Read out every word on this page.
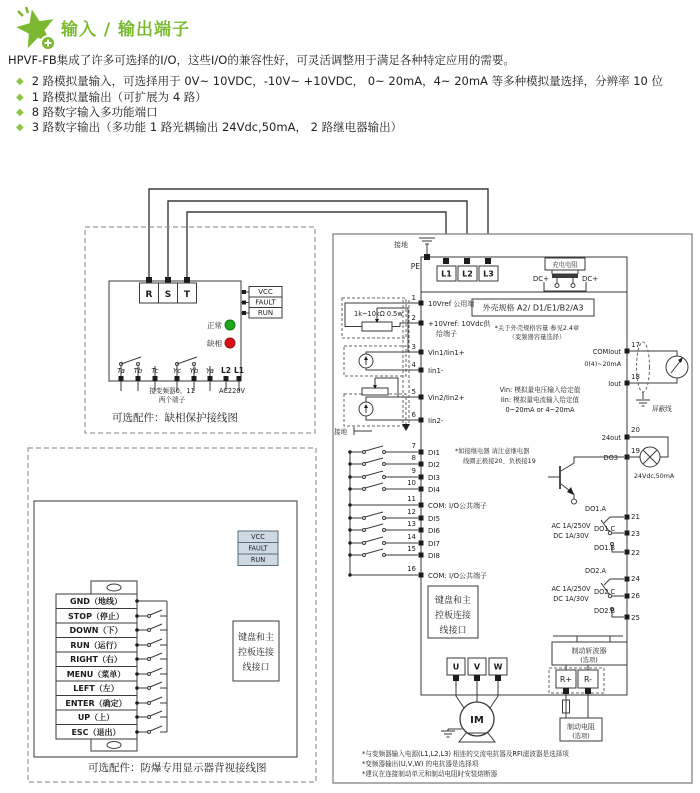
R S T	VCC
FAULT
RUN
正常
缺相
Ta Tb Tc Yc Yb Ya L2 L1
接变频器0、11
两个端子
AC220V
可选配件：缺相保护接线图
VCC
FAULT
RUN
GND（地线）
STOP（停止）
DOWN（下）
RUN（运行）
RIGHT（右）
MENU（菜单）
LEFT（左）
ENTER（确定）
UP（上）
ESC（退出）
键盘和主
控板连接
线接口
可选配件：防爆专用显示器背视接线图
接地
PE
L1 L2 L3
充电电阻
DC+	DC+
外壳规格 A2/ D1/E1/B2/A3
*关于外壳规格容量 参见2.4章
（变频器容量选择）
1k~10kΩ 0.5w
接地
1
10Vref 公用端
2
+10Vref: 10Vdc供
给端子
3
Vin1/Iin1+
4
Iin1-
5
Vin2/Iin2+
6
Iin2-
Vin: 模拟量电压输入给定值
Iin: 模拟量电流输入给定值
0~20mA or 4~20mA
7
DI1
8
DI2
9
DI3
10
DI4
11
COM: I/O公共端子
12
DI5
13
DI6
14
DI7
15
DI8
16
COM: I/O公共端子
键盘和主
控板连接
线接口
17
COMIout
0(4)~20mA
18
Iout
屏蔽线
20
24out
19
DO3
24Vdc,50mA
*如接继电器 请注意继电器
线圈正极接20、负极接19
21
23
22
DO1.A
DO1.C
DO1.B
AC 1A/250V
DC 1A/30V
24
26
25
DO2.A
DO2.C
DO2.B
AC 1A/250V
DC 1A/30V
制动斩波器
(选项)
R+ R-
制动电阻
(选项)
U V W
IM
*与变频器输入电源(L1,L2,L3) 相连的交流电抗器及RFI滤波器是选择项
*变频器输出(U,V,W) 的电抗器是选择项
*建议在连接制动单元和制动电阻时安装熔断器
输入 / 输出端子
HPVF-FB集成了许多可选择的I/O，这些I/O的兼容性好，可灵活调整用于满足各种特定应用的需要。
◆ 2 路模拟量输入，可选择用于 0V~ 10VDC，-10V~ +10VDC， 0~ 20mA，4~ 20mA 等多种模拟量选择，分辨率 10 位
◆ 1 路模拟量输出（可扩展为 4 路）
◆ 8 路数字输入多功能端口
◆ 3 路数字输出（多功能 1 路光耦输出 24Vdc,50mA， 2 路继电器输出）
